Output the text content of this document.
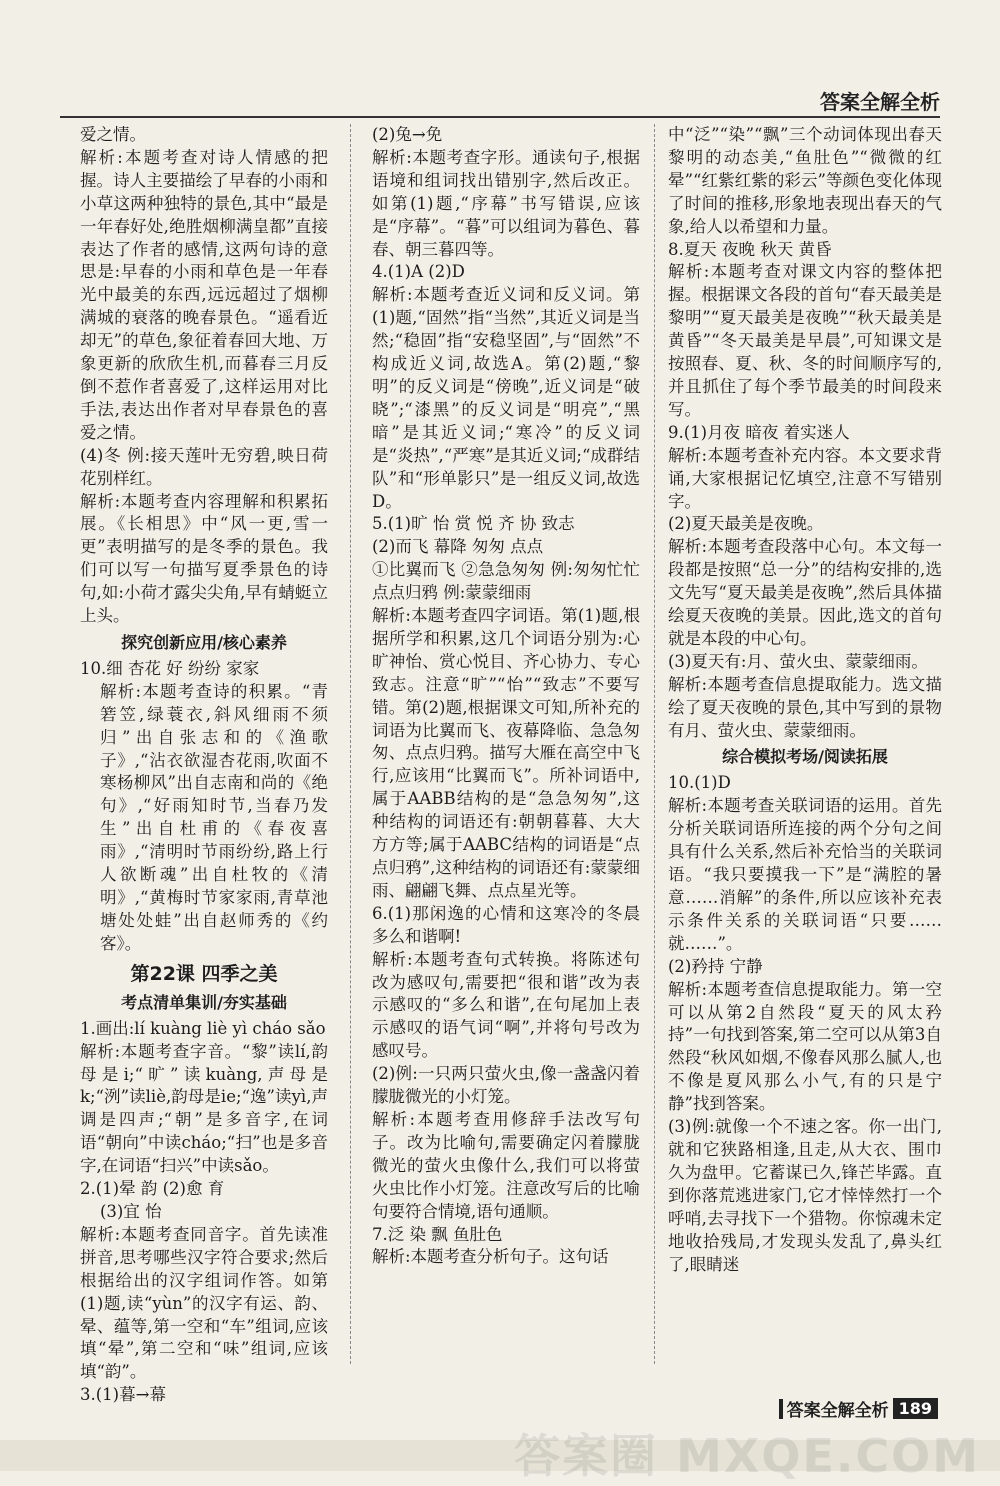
答案全解全析

爱之情。

解析:本题考查对诗人情感的把握。诗人主要描绘了早春的小雨和小草这两种独特的景色,其中“最是一年春好处,绝胜烟柳满皇都”直接表达了作者的感情,这两句诗的意思是:早春的小雨和草色是一年春光中最美的东西,远远超过了烟柳满城的衰落的晚春景色。“遥看近却无”的草色,象征着春回大地、万象更新的欣欣生机,而暮春三月反倒不惹作者喜爱了,这样运用对比手法,表达出作者对早春景色的喜爱之情。

(4)冬 例:接天莲叶无穷碧,映日荷花别样红。

解析:本题考查内容理解和积累拓展。《长相思》中“风一更,雪一更”表明描写的是冬季的景色。我们可以写一句描写夏季景色的诗句,如:小荷才露尖尖角,早有蜻蜓立上头。

探究创新应用/核心素养

10.细 杏花 好 纷纷 家家

解析:本题考查诗的积累。“青箬笠,绿蓑衣,斜风细雨不须归”出自张志和的《渔歌子》,“沾衣欲湿杏花雨,吹面不寒杨柳风”出自志南和尚的《绝句》,“好雨知时节,当春乃发生”出自杜甫的《春夜喜雨》,“清明时节雨纷纷,路上行人欲断魂”出自杜牧的《清明》,“黄梅时节家家雨,青草池塘处处蛙”出自赵师秀的《约客》。

第22课 四季之美
考点清单集训/夯实基础

1.画出:lí kuàng liè yì cháo sǎo

解析:本题考查字音。“黎”读lí,韵母是i;“旷”读kuàng,声母是k;“洌”读liè,韵母是ie;“逸”读yì,声调是四声;“朝”是多音字,在词语“朝向”中读cháo;“扫”也是多音字,在词语“扫兴”中读sǎo。

2.(1)晕 韵 (2)愈 育

(3)宜 怡

解析:本题考查同音字。首先读准拼音,思考哪些汉字符合要求;然后根据给出的汉字组词作答。如第(1)题,读“yùn”的汉字有运、韵、晕、蕴等,第一空和“车”组词,应该填“晕”,第二空和“味”组词,应该填“韵”。

3.(1)暮→幕

(2)兔→免

解析:本题考查字形。通读句子,根据语境和组词找出错别字,然后改正。如第(1)题,“序幕”书写错误,应该是“序幕”。“暮”可以组词为暮色、暮春、朝三暮四等。

4.(1)A (2)D

解析:本题考查近义词和反义词。第(1)题,“固然”指“当然”,其近义词是当然;“稳固”指“安稳坚固”,与“固然”不构成近义词,故选A。第(2)题,“黎明”的反义词是“傍晚”,近义词是“破晓”;“漆黑”的反义词是“明亮”,“黑暗”是其近义词;“寒冷”的反义词是“炎热”,“严寒”是其近义词;“成群结队”和“形单影只”是一组反义词,故选D。

5.(1)旷 怡 赏 悦 齐 协 致志

(2)而飞 幕降 匆匆 点点

①比翼而飞 ②急急匆匆 例:匆匆忙忙 点点归鸦 例:蒙蒙细雨

解析:本题考查四字词语。第(1)题,根据所学和积累,这几个词语分别为:心旷神怡、赏心悦目、齐心协力、专心致志。注意“旷”“怡”“致志”不要写错。第(2)题,根据课文可知,所补充的词语为比翼而飞、夜幕降临、急急匆匆、点点归鸦。描写大雁在高空中飞行,应该用“比翼而飞”。所补词语中,属于AABB结构的是“急急匆匆”,这种结构的词语还有:朝朝暮暮、大大方方等;属于AABC结构的词语是“点点归鸦”,这种结构的词语还有:蒙蒙细雨、翩翩飞舞、点点星光等。

6.(1)那闲逸的心情和这寒冷的冬晨多么和谐啊!

解析:本题考查句式转换。将陈述句改为感叹句,需要把“很和谐”改为表示感叹的“多么和谐”,在句尾加上表示感叹的语气词“啊”,并将句号改为感叹号。

(2)例:一只两只萤火虫,像一盏盏闪着朦胧微光的小灯笼。

解析:本题考查用修辞手法改写句子。改为比喻句,需要确定闪着朦胧微光的萤火虫像什么,我们可以将萤火虫比作小灯笼。注意改写后的比喻句要符合情境,语句通顺。

7.泛 染 飘 鱼肚色

解析:本题考查分析句子。这句话

中“泛”“染”“飘”三个动词体现出春天黎明的动态美,“鱼肚色”“微微的红晕”“红紫红紫的彩云”等颜色变化体现了时间的推移,形象地表现出春天的气象,给人以希望和力量。

8.夏天 夜晚 秋天 黄昏

解析:本题考查对课文内容的整体把握。根据课文各段的首句“春天最美是黎明”“夏天最美是夜晚”“秋天最美是黄昏”“冬天最美是早晨”,可知课文是按照春、夏、秋、冬的时间顺序写的,并且抓住了每个季节最美的时间段来写。

9.(1)月夜 暗夜 着实迷人

解析:本题考查补充内容。本文要求背诵,大家根据记忆填空,注意不写错别字。

(2)夏天最美是夜晚。

解析:本题考查段落中心句。本文每一段都是按照“总一分”的结构安排的,选文先写“夏天最美是夜晚”,然后具体描绘夏天夜晚的美景。因此,选文的首句就是本段的中心句。

(3)夏天有:月、萤火虫、蒙蒙细雨。

解析:本题考查信息提取能力。选文描绘了夏天夜晚的景色,其中写到的景物有月、萤火虫、蒙蒙细雨。

综合模拟考场/阅读拓展

10.(1)D

解析:本题考查关联词语的运用。首先分析关联词语所连接的两个分句之间具有什么关系,然后补充恰当的关联词语。“我只要摸我一下”是“满腔的暑意……消解”的条件,所以应该补充表示条件关系的关联词语“只要……就……”。

(2)矜持 宁静

解析:本题考查信息提取能力。第一空可以从第2自然段“夏天的风太矜持”一句找到答案,第二空可以从第3自然段“秋风如烟,不像春风那么腻人,也不像是夏风那么小气,有的只是宁静”找到答案。

(3)例:就像一个不速之客。你一出门,就和它狭路相逢,且走,从大衣、围巾久为盘甲。它蓄谋已久,锋芒毕露。直到你落荒逃进家门,它才悻悻然打一个呼哨,去寻找下一个猎物。你惊魂未定地收拾残局,才发现头发乱了,鼻头红了,眼睛迷

答案全解全析 189
答案圈 MXQE.COM
